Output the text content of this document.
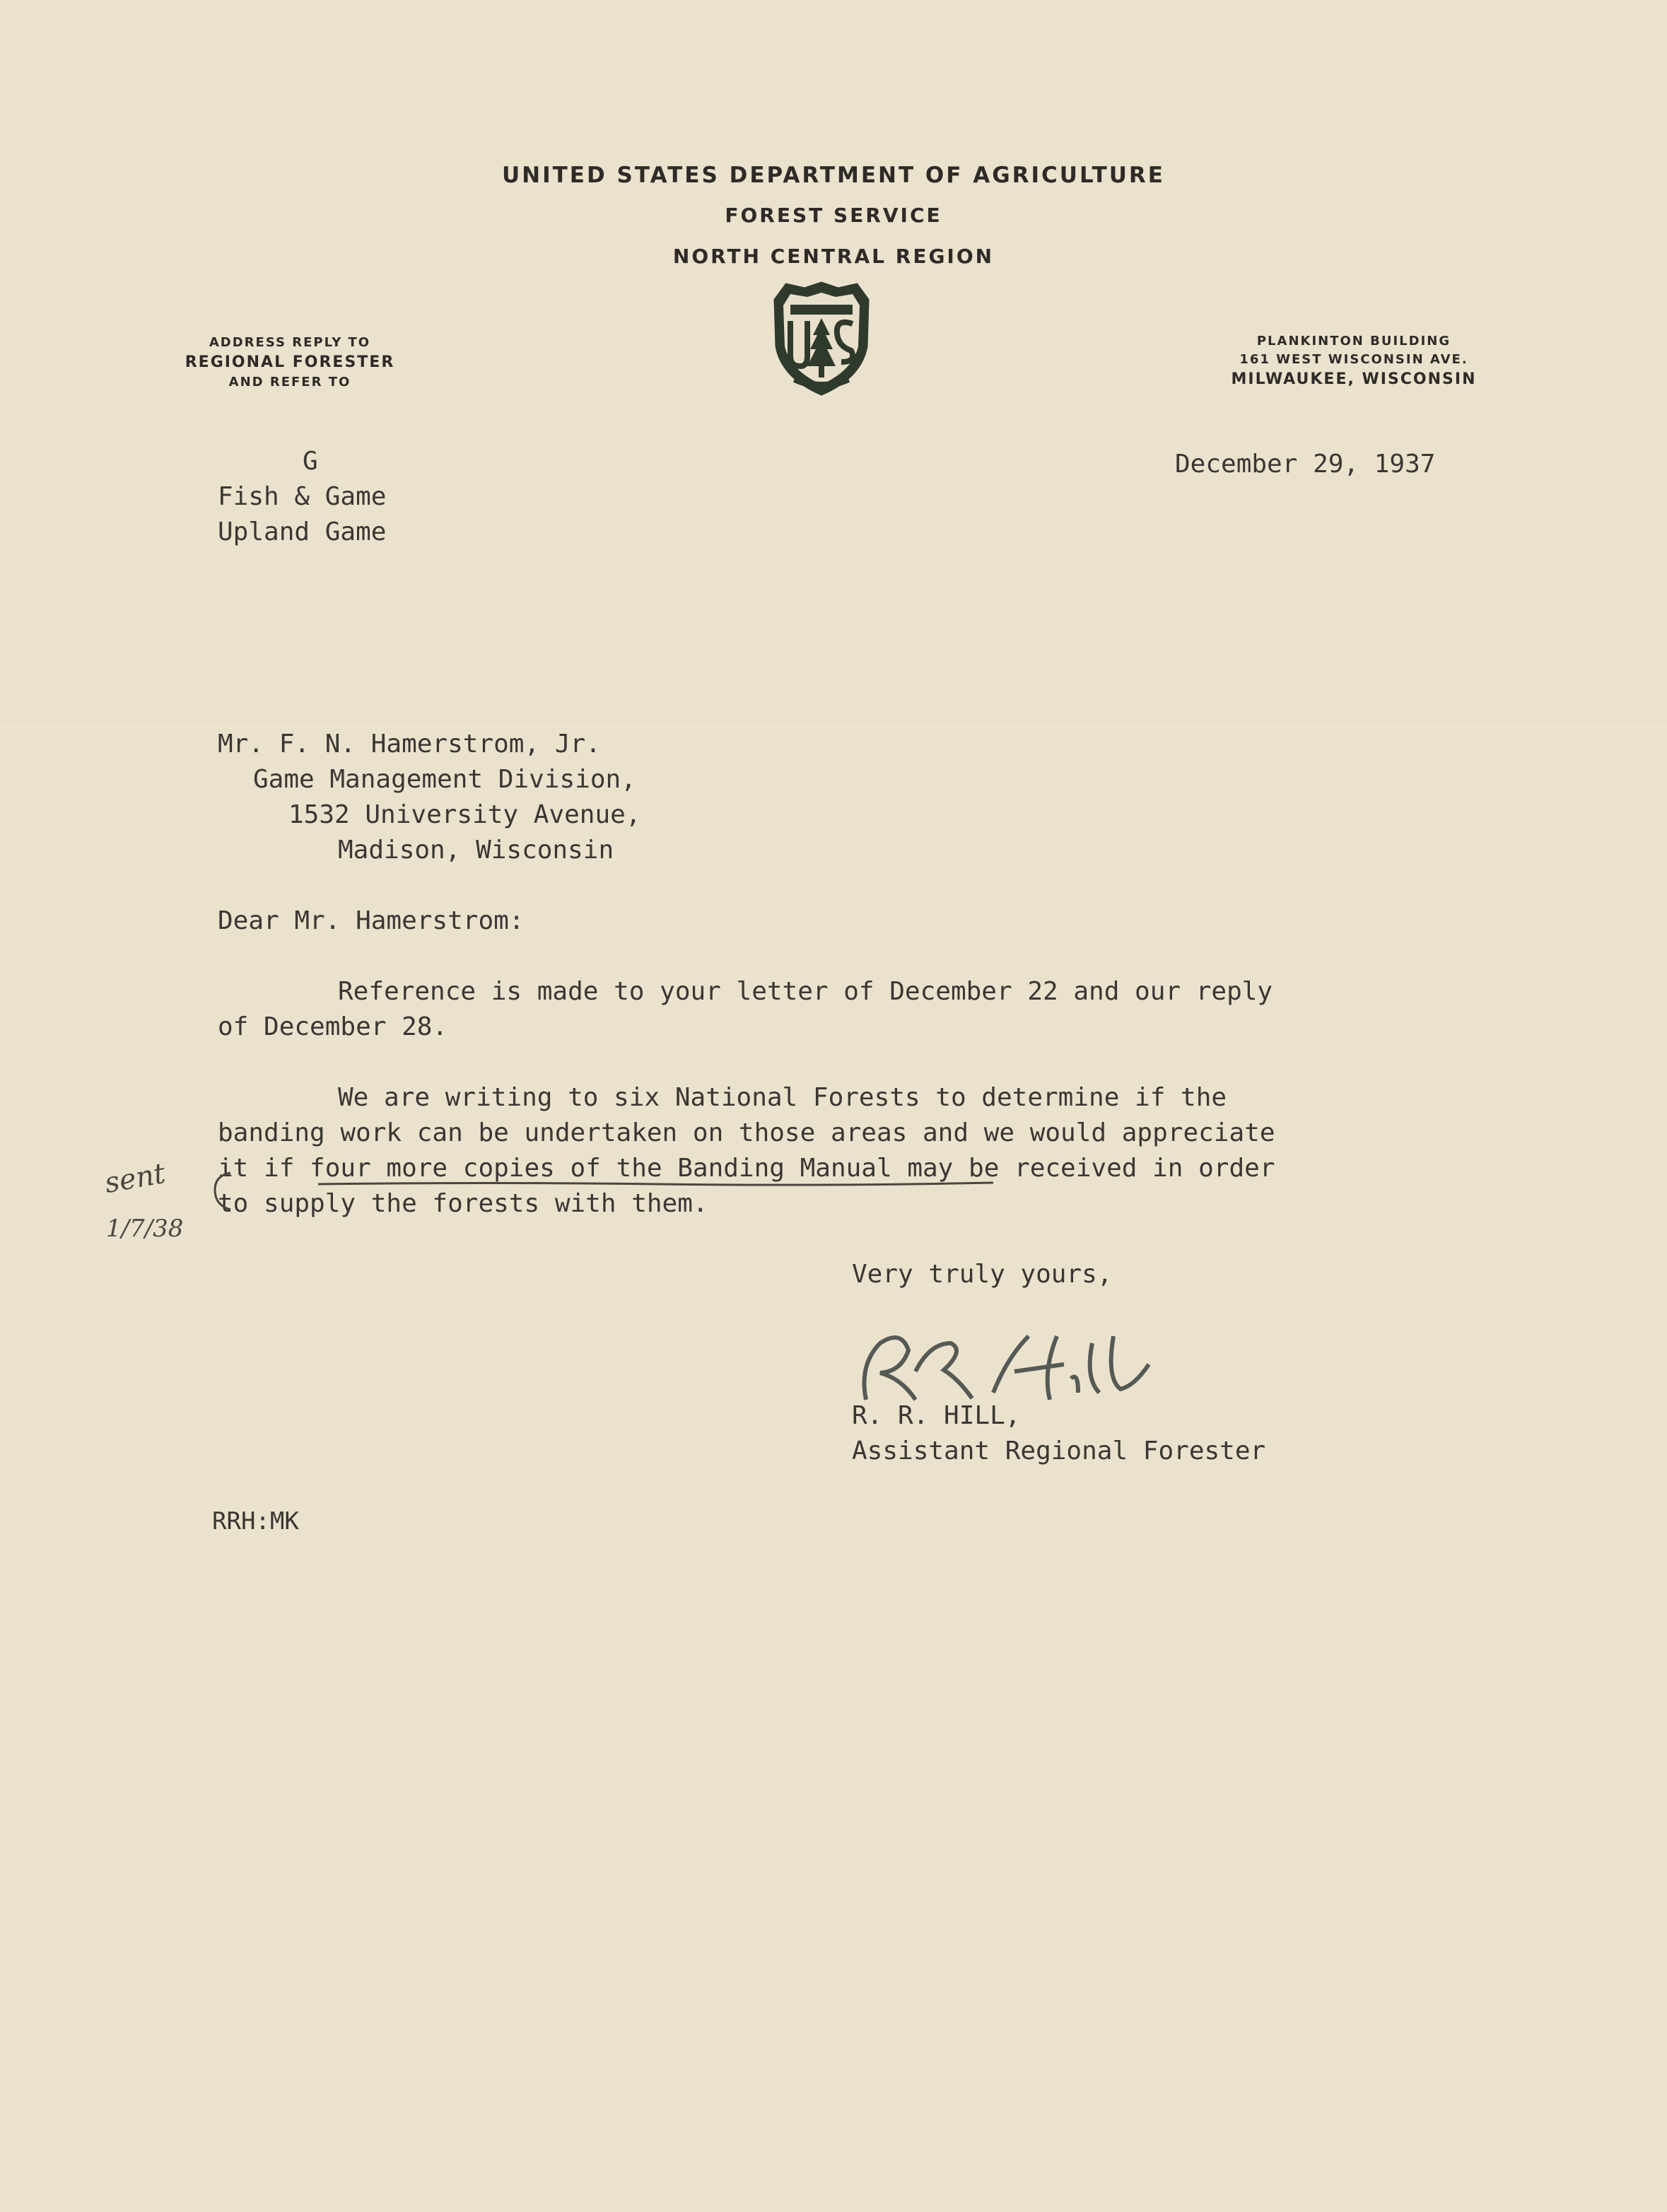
UNITED STATES DEPARTMENT OF AGRICULTURE
FOREST SERVICE
NORTH CENTRAL REGION
ADDRESS REPLY TO
REGIONAL FORESTER
AND REFER TO
PLANKINTON BUILDING
161 WEST WISCONSIN AVE.
MILWAUKEE, WISCONSIN
G
Fish & Game
Upland Game
December 29, 1937
Mr. F. N. Hamerstrom, Jr.
Game Management Division,
1532 University Avenue,
Madison, Wisconsin
Dear Mr. Hamerstrom:
Reference is made to your letter of December 22 and our reply
of December 28.
We are writing to six National Forests to determine if the
banding work can be undertaken on those areas and we would appreciate
it if four more copies of the Banding Manual may be received in order
to supply the forests with them.
sent
1/7/38
Very truly yours,
R. R. HILL,
Assistant Regional Forester
RRH:MK
